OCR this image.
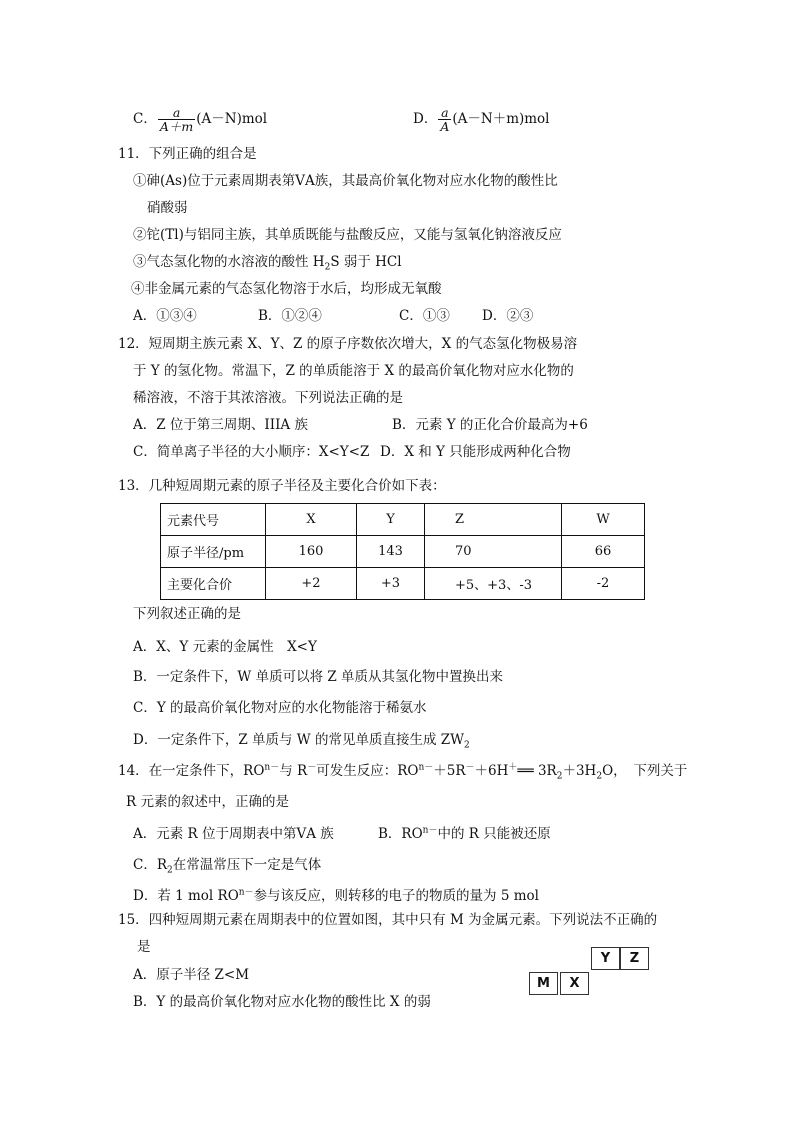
C． $\frac{a}{A+m} (A-N)mol$	D． $\frac{a}{A} (A-N+m)mol$
11．下列正确的组合是
①砷(As)位于元素周期表第ⅤA族，其最高价氧化物对应水化物的酸性比
硝酸弱
②铊(Tl)与铝同主族，其单质既能与盐酸反应，又能与氢氧化钠溶液反应
③气态氢化物的水溶液的酸性 $H_2S$ 弱于 HCl
④非金属元素的气态氢化物溶于水后，均形成无氧酸
A．①③④	B．①②④	C．①③ D．②③
12．短周期主族元素 X、Y、Z 的原子序数依次增大，X 的气态氢化物极易溶
于 Y 的氢化物。常温下，Z 的单质能溶于 X 的最高价氧化物对应水化物的
稀溶液，不溶于其浓溶液。下列说法正确的是
A．Z 位于第三周期、IIIA 族	B．元素 Y 的正化合价最高为+6
C．简单离子半径的大小顺序：X<Y<Z D．X 和 Y 只能形成两种化合物
13．几种短周期元素的原子半径及主要化合价如下表：
元素代号	X	Y	Z	W
原子半径/pm	160	143	70	66
主要化合价	+2	+3	+5、+3、-3	-2
下列叙述正确的是
A．X、Y 元素的金属性　X<Y
B．一定条件下，W 单质可以将 Z 单质从其氢化物中置换出来
C．Y 的最高价氧化物对应的水化物能溶于稀氨水
D．一定条件下，Z 单质与 W 的常见单质直接生成 $ZW_2$
14．在一定条件下，$RO^{n-}$与 R－可发生反应：$RO^{n-}+5R^-+6H^+══$ $3R_2+3H_2O$，　下列关于
R 元素的叙述中，正确的是
A．元素 R 位于周期表中第ⅤA 族	B．$RO^{n-}$中的 R 只能被还原
C．$R_2$在常温常压下一定是气体
D．若 1 mol $RO^{n-}$参与该反应，则转移的电子的物质的量为 5 mol
15．四种短周期元素在周期表中的位置如图，其中只有 M 为金属元素。下列说法不正确的
是
A．原子半径 Z<M
B．Y 的最高价氧化物对应水化物的酸性比 X 的弱
Y	Z
M	X
